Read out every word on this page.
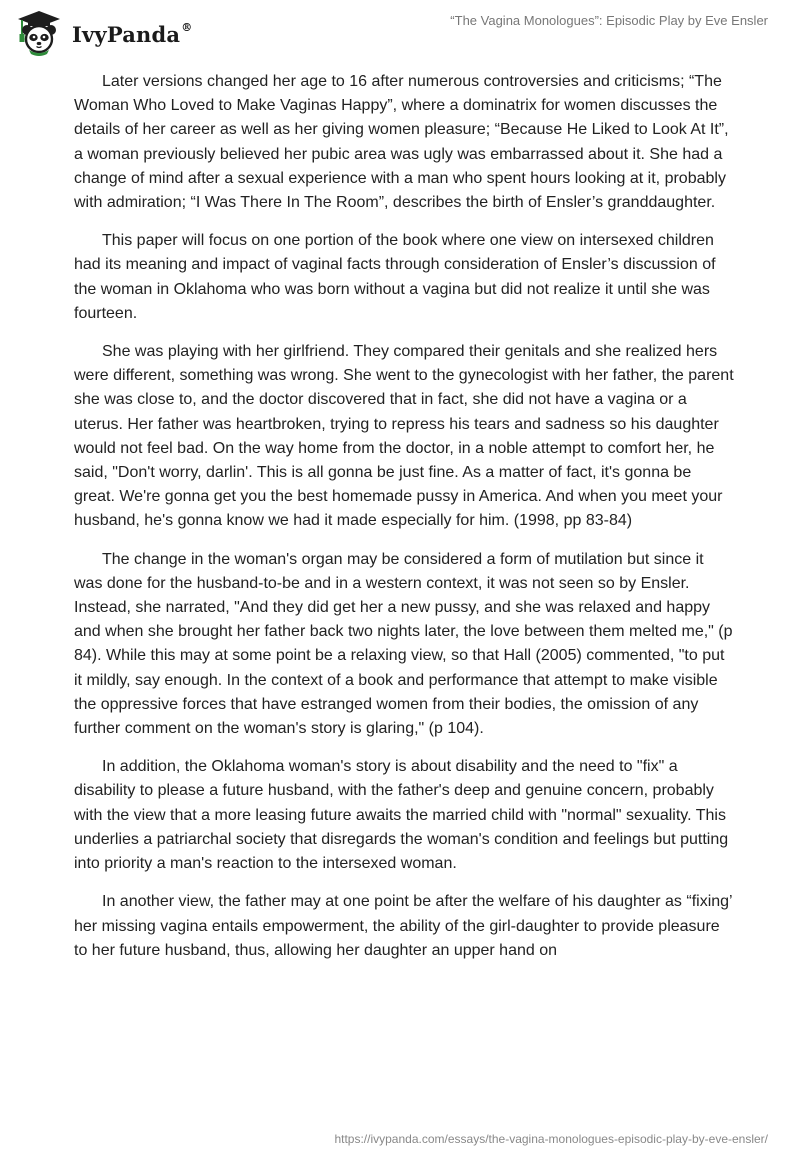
IvyPanda®	“The Vagina Monologues”: Episodic Play by Eve Ensler

Later versions changed her age to 16 after numerous controversies and criticisms; “The Woman Who Loved to Make Vaginas Happy”, where a dominatrix for women discusses the details of her career as well as her giving women pleasure; “Because He Liked to Look At It”, a woman previously believed her pubic area was ugly was embarrassed about it. She had a change of mind after a sexual experience with a man who spent hours looking at it, probably with admiration; “I Was There In The Room”, describes the birth of Ensler’s granddaughter.

This paper will focus on one portion of the book where one view on intersexed children had its meaning and impact of vaginal facts through consideration of Ensler’s discussion of the woman in Oklahoma who was born without a vagina but did not realize it until she was fourteen.

She was playing with her girlfriend. They compared their genitals and she realized hers were different, something was wrong. She went to the gynecologist with her father, the parent she was close to, and the doctor discovered that in fact, she did not have a vagina or a uterus. Her father was heartbroken, trying to repress his tears and sadness so his daughter would not feel bad. On the way home from the doctor, in a noble attempt to comfort her, he said, "Don't worry, darlin'. This is all gonna be just fine. As a matter of fact, it's gonna be great. We're gonna get you the best homemade pussy in America. And when you meet your husband, he's gonna know we had it made especially for him. (1998, pp 83-84)

The change in the woman's organ may be considered a form of mutilation but since it was done for the husband-to-be and in a western context, it was not seen so by Ensler. Instead, she narrated, "And they did get her a new pussy, and she was relaxed and happy and when she brought her father back two nights later, the love between them melted me," (p 84). While this may at some point be a relaxing view, so that Hall (2005) commented, "to put it mildly, say enough. In the context of a book and performance that attempt to make visible the oppressive forces that have estranged women from their bodies, the omission of any further comment on the woman's story is glaring," (p 104).

In addition, the Oklahoma woman's story is about disability and the need to "fix" a disability to please a future husband, with the father's deep and genuine concern, probably with the view that a more leasing future awaits the married child with "normal" sexuality. This underlies a patriarchal society that disregards the woman's condition and feelings but putting into priority a man's reaction to the intersexed woman.

In another view, the father may at one point be after the welfare of his daughter as “fixing’ her missing vagina entails empowerment, the ability of the girl-daughter to provide pleasure to her future husband, thus, allowing her daughter an upper hand on

https://ivypanda.com/essays/the-vagina-monologues-episodic-play-by-eve-ensler/
